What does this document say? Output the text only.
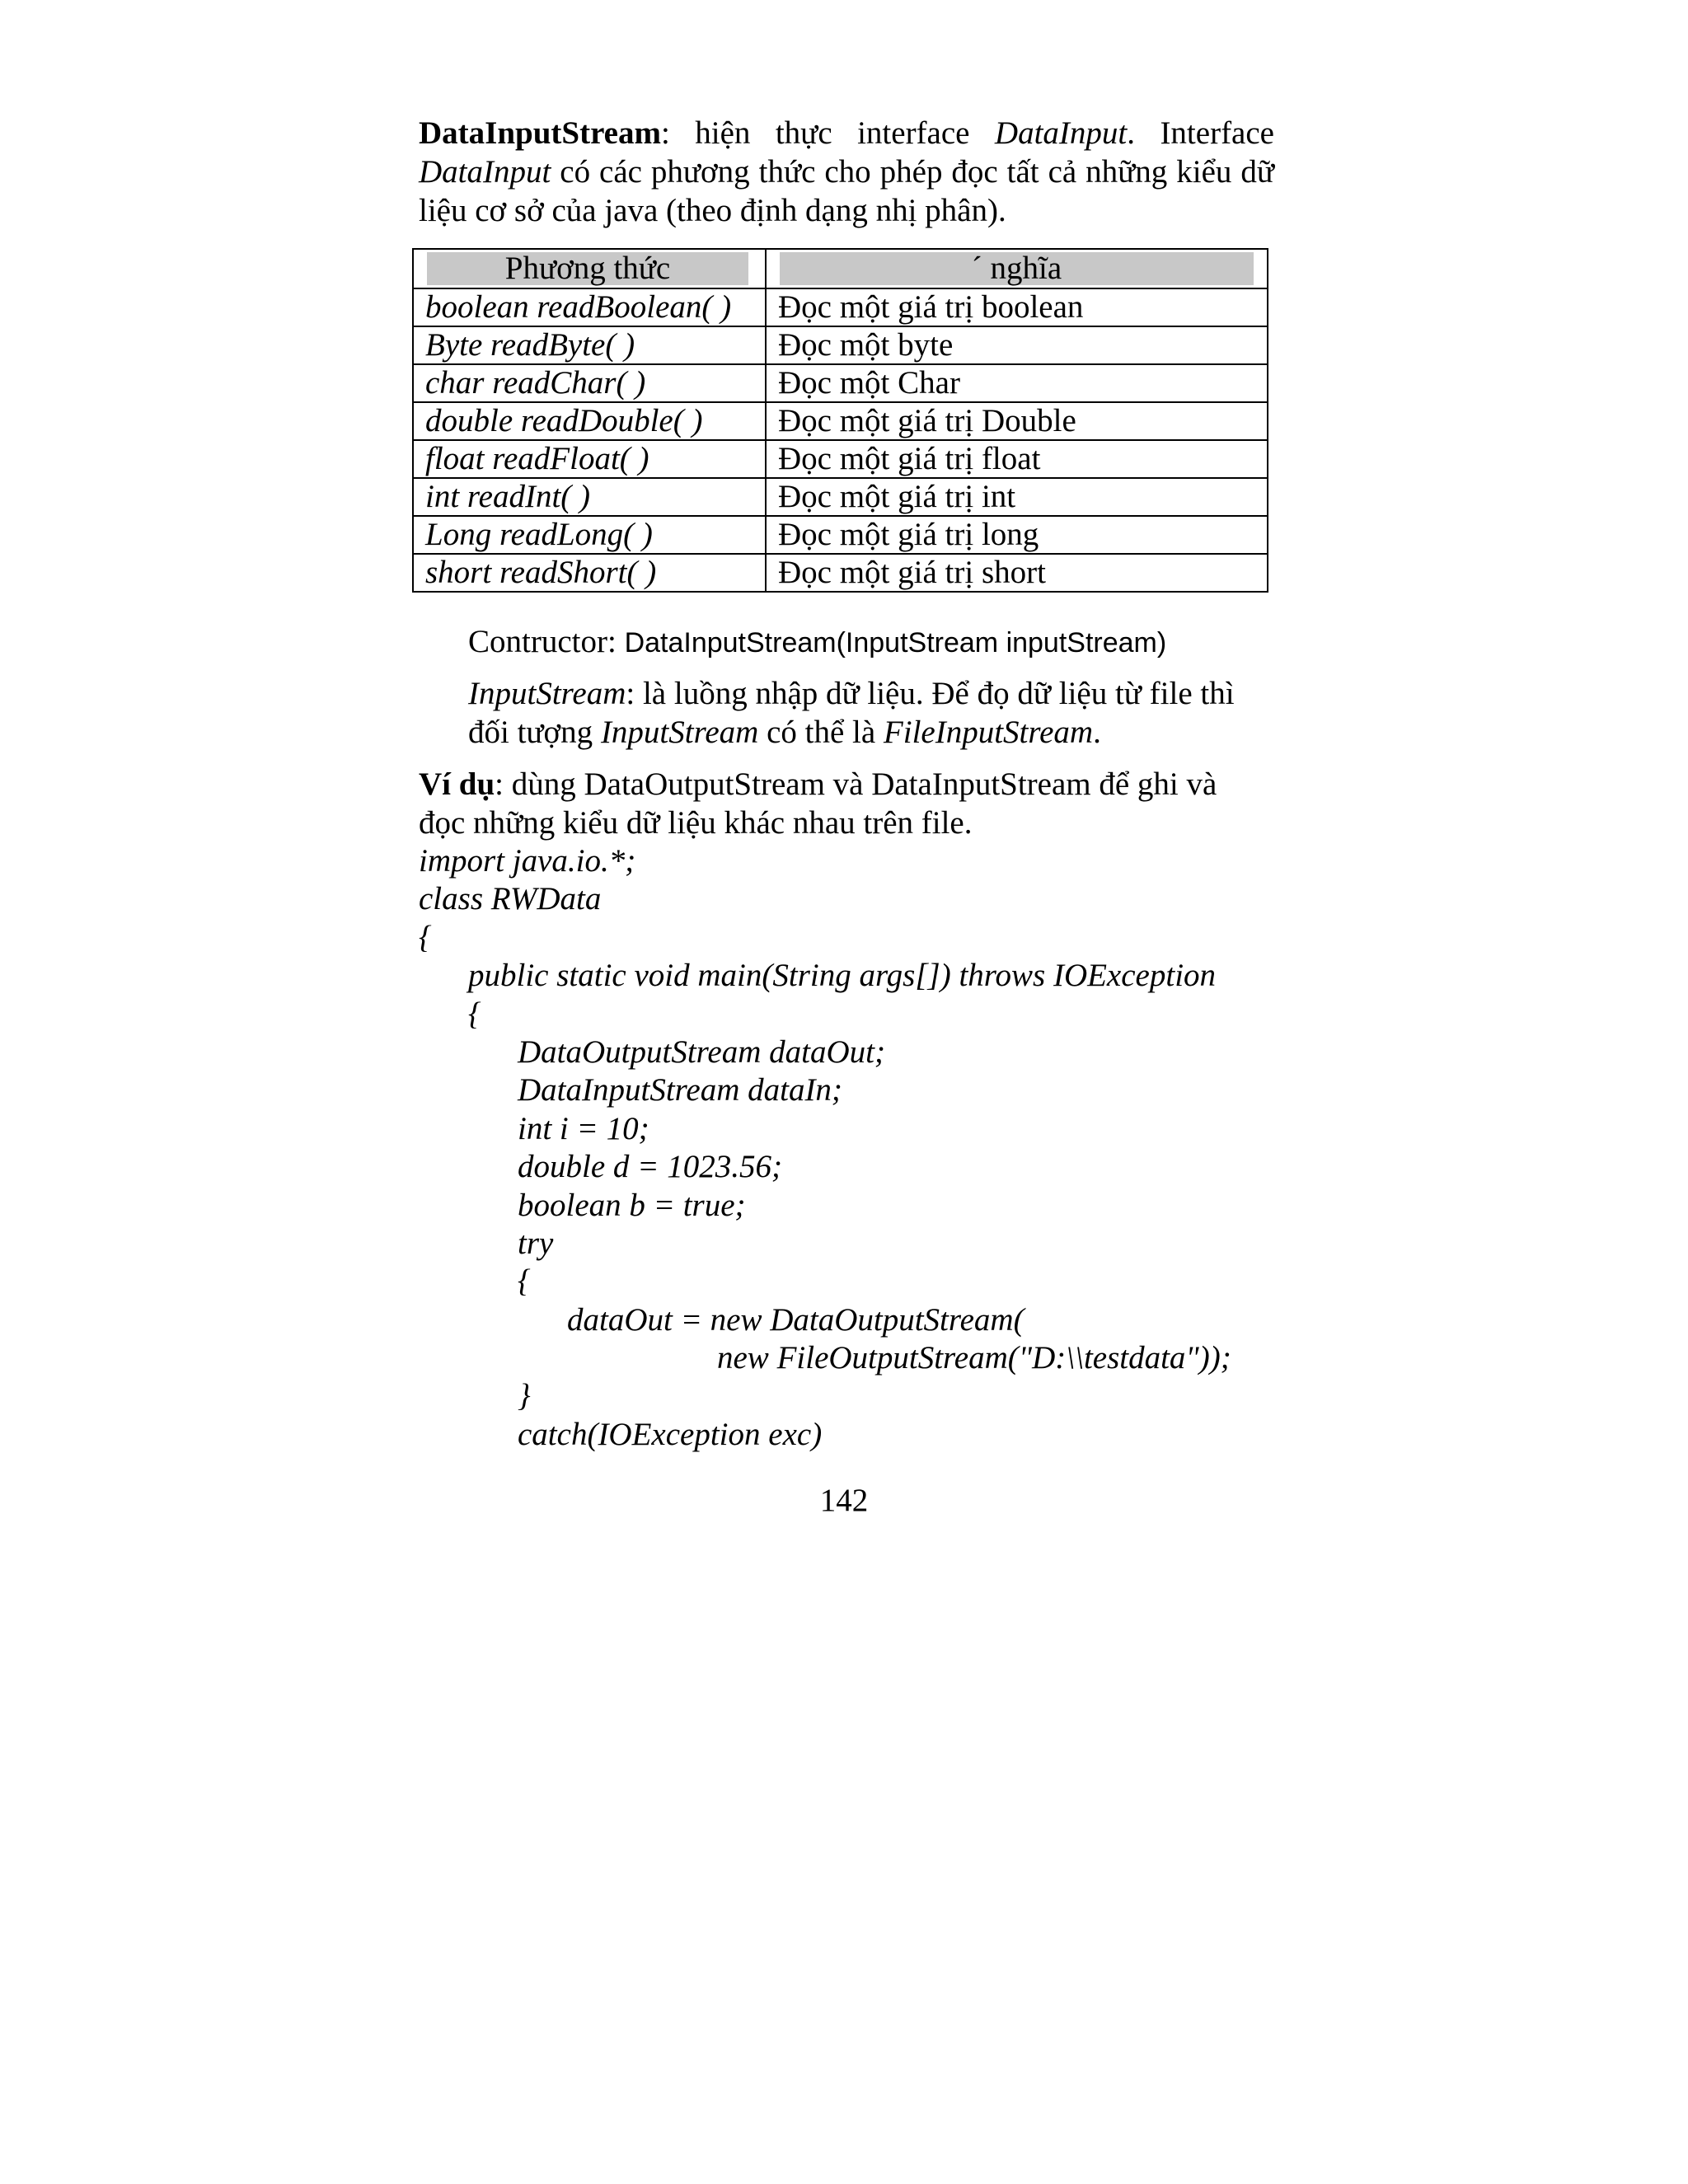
DataInputStream: hiện thực interface DataInput. Interface DataInput có các phương thức cho phép đọc tất cả những kiểu dữ liệu cơ sở của java (theo định dạng nhị phân).

Phương thức	ˊ nghĩa

boolean readBoolean( )	Đọc một giá trị boolean
Byte readByte( )	Đọc một byte
char readChar( )	Đọc một Char
double readDouble( )	Đọc một giá trị Double
float readFloat( )	Đọc một giá trị float
int readInt( )	Đọc một giá trị int
Long readLong( )	Đọc một giá trị long
short readShort( )	Đọc một giá trị short
Contructor: DataInputStream(InputStream inputStream)

InputStream: là luồng nhập dữ liệu. Để đọ dữ liệu từ file thì đối tượng InputStream có thể là FileInputStream.

Ví dụ: dùng DataOutputStream và DataInputStream để ghi và đọc những kiểu dữ liệu khác nhau trên file.

import java.io.*;
class RWData
{
public static void main(String args[]) throws IOException
{
DataOutputStream dataOut;
DataInputStream dataIn;
int i = 10;
double d = 1023.56;
boolean b = true;
try
{
dataOut = new DataOutputStream(
new FileOutputStream("D:\\testdata"));
}
catch(IOException exc)
142
